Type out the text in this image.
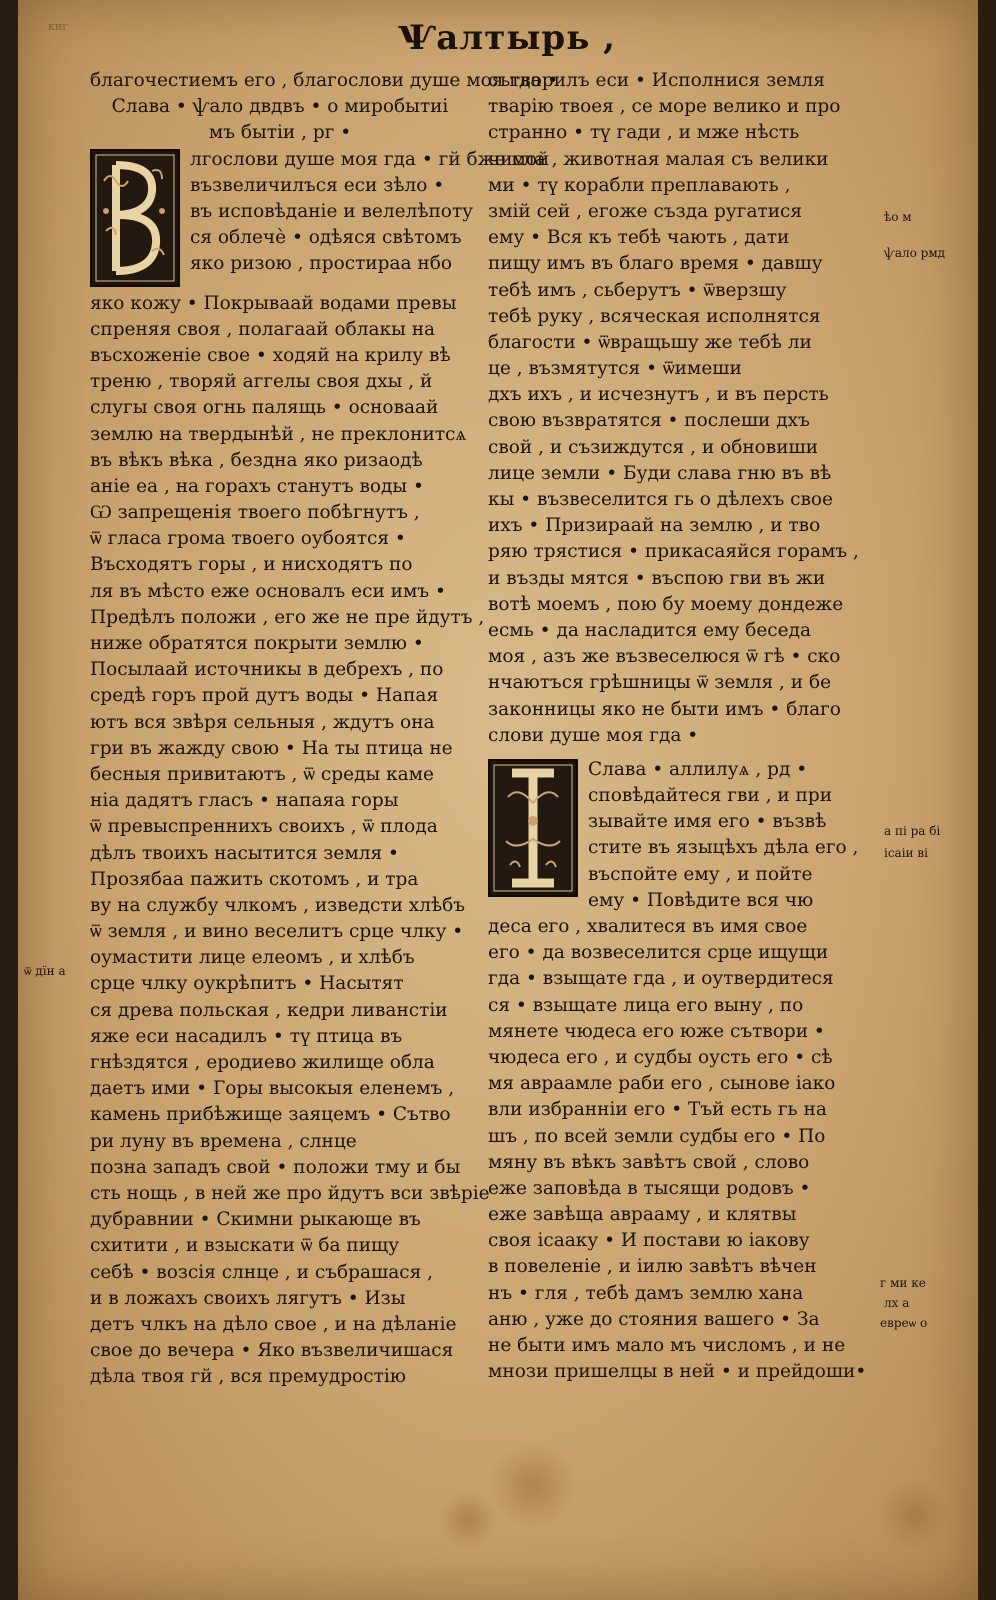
кнг	Ѱалтырь ,
благочестиемъ его , благослови душе моя гда •
Слава • ѱало двдвъ • о миробытиі
мъ бытіи , рг •
лгослови душе моя гда • гй бже мой
възвеличилъся еси зѣло •
въ исповѣданіе и велелѣпоту
ся облечѐ • одѣяся свѣтомъ
яко ризою , простираа нбо
яко кожу • Покрываай водами превы
спреняя своя , полагаай облакы на
въсхоженіе свое • ходяй на крилу вѣ
треню , творяй аггелы своя дхы , й
слугы своя огнь палящь • основаай
землю на твердынѣй , не преклонитсѧ
въ вѣкъ вѣка , бездна яко ризаодѣ
аніе еа , на горахъ станутъ воды •
Ѡ запрещенія твоего побѣгнутъ ,
ѿ гласа грома твоего оубоятся •
Въсходятъ горы , и нисходятъ по
ля въ мѣсто еже основалъ еси имъ •
Предѣлъ положи , его же не пре йдутъ ,
ниже обратятся покрыти землю •
Посылаай источникы в дебрехъ , по
средѣ горъ прой дутъ воды • Напая
ютъ вся звѣря сельныя , ждутъ она
гри въ жажду свою • На ты птица не
бесныя привитаютъ , ѿ среды каме
ніа дадятъ гласъ • напаяа горы
ѿ превыспреннихъ своихъ , ѿ плода
дѣлъ твоихъ насытится земля •
Прозябаа пажить скотомъ , и тра
ву на службу члкомъ , изведсти хлѣбъ
ѿ земля , и вино веселитъ срце члку •
оумастити лице елеомъ , и хлѣбъ
срце члку оукрѣпитъ • Насытят
ся древа польская , кедри ливанстіи
яже еси насадилъ • тү птица въ
гнѣздятся , еродиево жилище обла
даетъ ими • Горы высокыя еленемъ ,
камень прибѣжище заяцемъ • Сътво
ри луну въ времена , слнце
позна западъ свой • положи тму и бы
сть нощь , в ней же про йдутъ вси звѣріе
дубравнии • Скимни рыкающе въ
схитити , и взыскати ѿ ба пищу
себѣ • возсія слнце , и събрашася ,
и в ложахъ своихъ лягутъ • Изы
детъ члкъ на дѣло свое , и на дѣланіе
свое до вечера • Яко възвеличишася
дѣла твоя гй , вся премудростію
сътворилъ еси • Исполнися земля
тварію твоея , се море велико и про
странно • тү гади , и мже нѣсть
числа , животная малая съ велики
ми • тү корабли преплавають ,
змій сей , егоже създа ругатися
ему • Вся къ тебѣ чають , дати
пищу имъ въ благо время • давшу
тебѣ имъ , сьберутъ • ѿверзшу
тебѣ руку , всяческая исполнятся
благости • ѿвращьшу же тебѣ ли
це , възмятутся • ѿимеши
дхъ ихъ , и исчезнутъ , и въ персть
свою възвратятся • послеши дхъ
свой , и съзиждутся , и обновиши
лице земли • Буди слава гню въ вѣ
кы • възвеселится гь о дѣлехъ свое
ихъ • Призираай на землю , и тво
ряю трястися • прикасаяйся горамъ ,
и възды мятся • въспою гви въ жи
вотѣ моемъ , пою бу моему дондеже
есмь • да насладится ему беседа
моя , азъ же възвеселюся ѿ гѣ • ско
нчаютъся грѣшницы ѿ земля , и бе
законницы яко не быти имъ • благо
слови душе моя гда •
Слава • аллилуѧ , рд •
сповѣдайтеся гви , и при
зывайте имя его • възвѣ
стите въ языцѣхъ дѣла его ,
въспойте ему , и пойте
ему • Повѣдите вся чю
деса его , хвалитеся въ имя свое
его • да возвеселится срце ищущи
гда • взыщате гда , и оутвердитеся
ся • взыщате лица его выну , по
мянете чюдеса его юже сътвори •
чюдеса его , и судбы оусть его • сѣ
мя авраамле раби его , сынове іако
вли избранніи его • Тъй есть гь на
шъ , по всей земли судбы его • По
мяну въ вѣкъ завѣтъ свой , слово
еже заповѣда в тысящи родовъ •
еже завѣща аврааму , и клятвы
своя ісааку • И постави ю іакову
в повеленіе , и іилю завѣтъ вѣчен
нъ • гля , тебѣ дамъ землю хана
аню , уже до стояния вашего • За
не быти имъ мало мъ числомъ , и не
мнози пришелцы в ней • и прейдоши•
ѣо м
ѱало рмд
ѿ дїн а
а пі ра бі
ісаіи ві
г ми ке
лх а
евреѡ о
